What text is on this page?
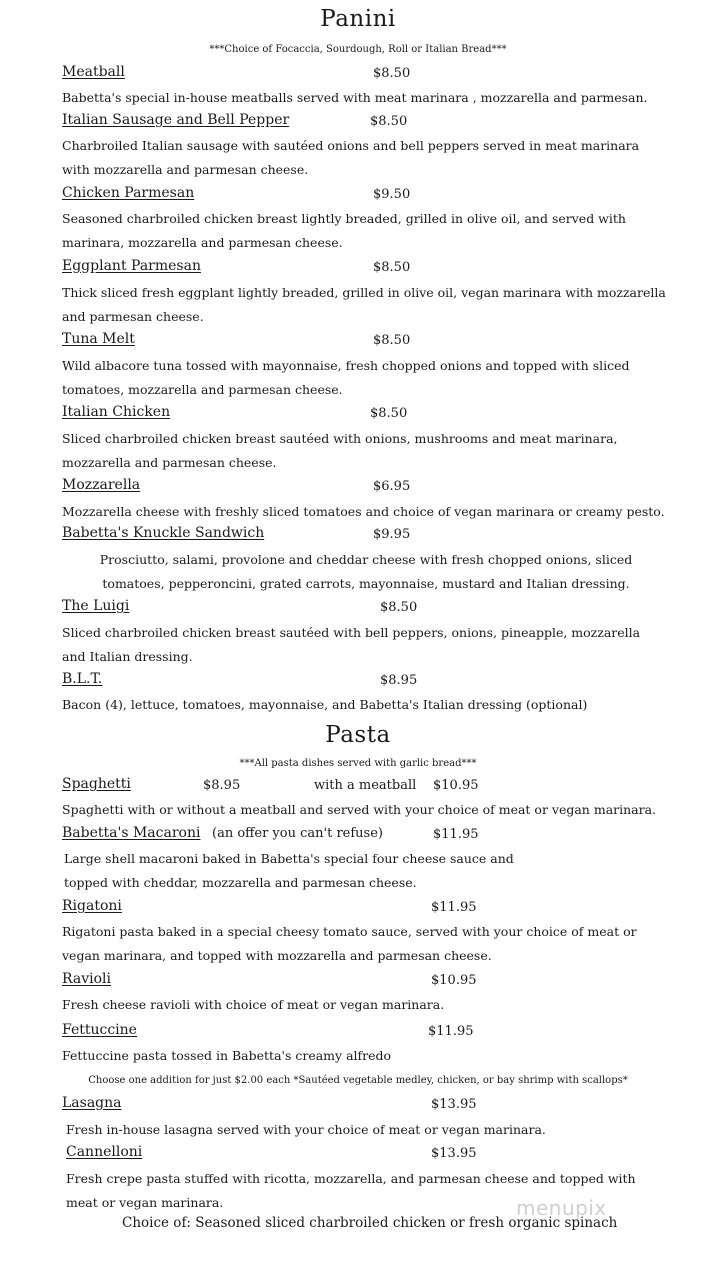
Panini
***Choice of Focaccia, Sourdough, Roll or Italian Bread***
Meatball	$8.50
Babetta's special in-house meatballs served with meat marinara , mozzarella and parmesan.
Italian Sausage and Bell Pepper	$8.50
Charbroiled Italian sausage with sautéed onions and bell peppers served in meat marinara with mozzarella and parmesan cheese.
Chicken Parmesan	$9.50
Seasoned charbroiled chicken breast lightly breaded, grilled in olive oil, and served with marinara, mozzarella and parmesan cheese.
Eggplant Parmesan	$8.50
Thick sliced fresh eggplant lightly breaded, grilled in olive oil, vegan marinara with mozzarella and parmesan cheese.
Tuna Melt	$8.50
Wild albacore tuna tossed with mayonnaise, fresh chopped onions and topped with sliced tomatoes, mozzarella and parmesan cheese.
Italian Chicken	$8.50
Sliced charbroiled chicken breast sautéed with onions, mushrooms and meat marinara, mozzarella and parmesan cheese.
Mozzarella	$6.95
Mozzarella cheese with freshly sliced tomatoes and choice of vegan marinara or creamy pesto.
Babetta's Knuckle Sandwich	$9.95
Prosciutto, salami, provolone and cheddar cheese with fresh chopped onions, sliced tomatoes, pepperoncini, grated carrots, mayonnaise, mustard and Italian dressing.
The Luigi	$8.50
Sliced charbroiled chicken breast sautéed with bell peppers, onions, pineapple, mozzarella and Italian dressing.
B.L.T.	$8.95
Bacon (4), lettuce, tomatoes, mayonnaise, and Babetta's Italian dressing (optional)
Pasta
***All pasta dishes served with garlic bread***
Spaghetti	$8.95	with a meatball $10.95
Spaghetti with or without a meatball and served with your choice of meat or vegan marinara.
Babetta's Macaroni (an offer you can't refuse)	$11.95
Large shell macaroni baked in Babetta's special four cheese sauce and topped with cheddar, mozzarella and parmesan cheese.
Rigatoni	$11.95
Rigatoni pasta baked in a special cheesy tomato sauce, served with your choice of meat or vegan marinara, and topped with mozzarella and parmesan cheese.
Ravioli	$10.95
Fresh cheese ravioli with choice of meat or vegan marinara.
Fettuccine	$11.95
Fettuccine pasta tossed in Babetta's creamy alfredo
Choose one addition for just $2.00 each *Sautéed vegetable medley, chicken, or bay shrimp with scallops*
Lasagna	$13.95
Fresh in-house lasagna served with your choice of meat or vegan marinara.
Cannelloni	$13.95
Fresh crepe pasta stuffed with ricotta, mozzarella, and parmesan cheese and topped with meat or vegan marinara.
Choice of: Seasoned sliced charbroiled chicken or fresh organic spinach
menupix
